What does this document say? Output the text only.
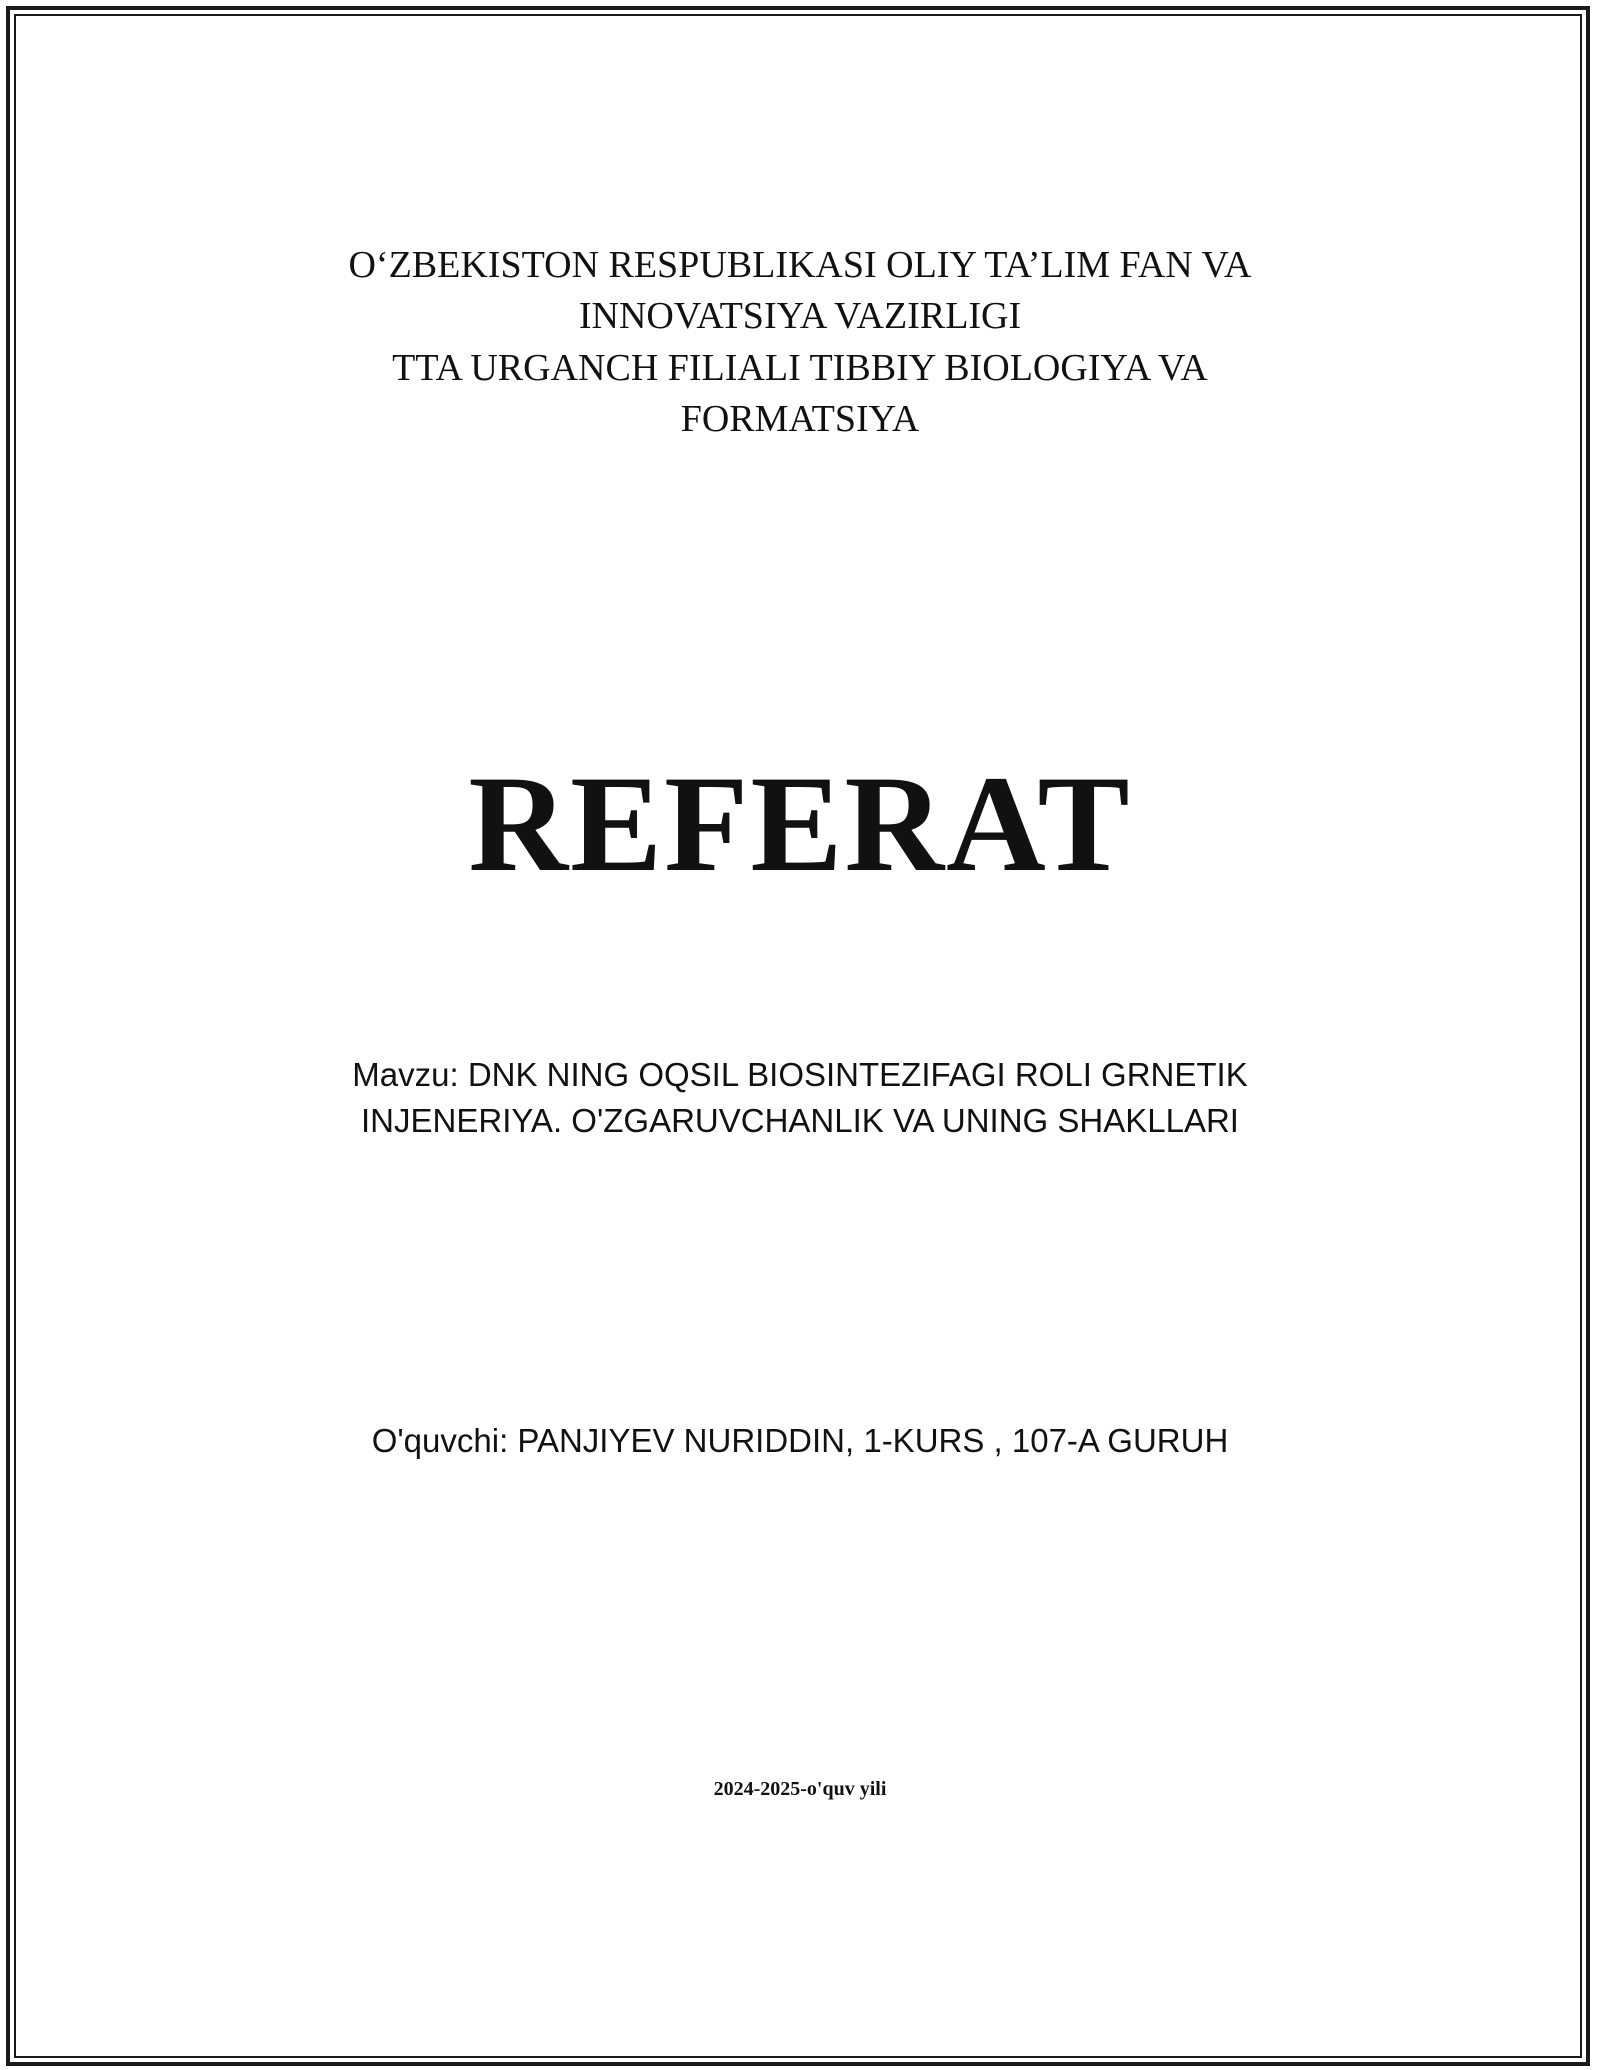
O‘ZBEKISTON RESPUBLIKASI OLIY TA’LIM FAN VA
INNOVATSIYA VAZIRLIGI
TTA URGANCH FILIALI TIBBIY BIOLOGIYA VA
FORMATSIYA
REFERAT
Mavzu: DNK NING OQSIL BIOSINTEZIFAGI ROLI GRNETIK
INJENERIYA. O'ZGARUVCHANLIK VA UNING SHAKLLARI
O'quvchi: PANJIYEV NURIDDIN, 1-KURS , 107-A GURUH
2024-2025-o'quv yili
